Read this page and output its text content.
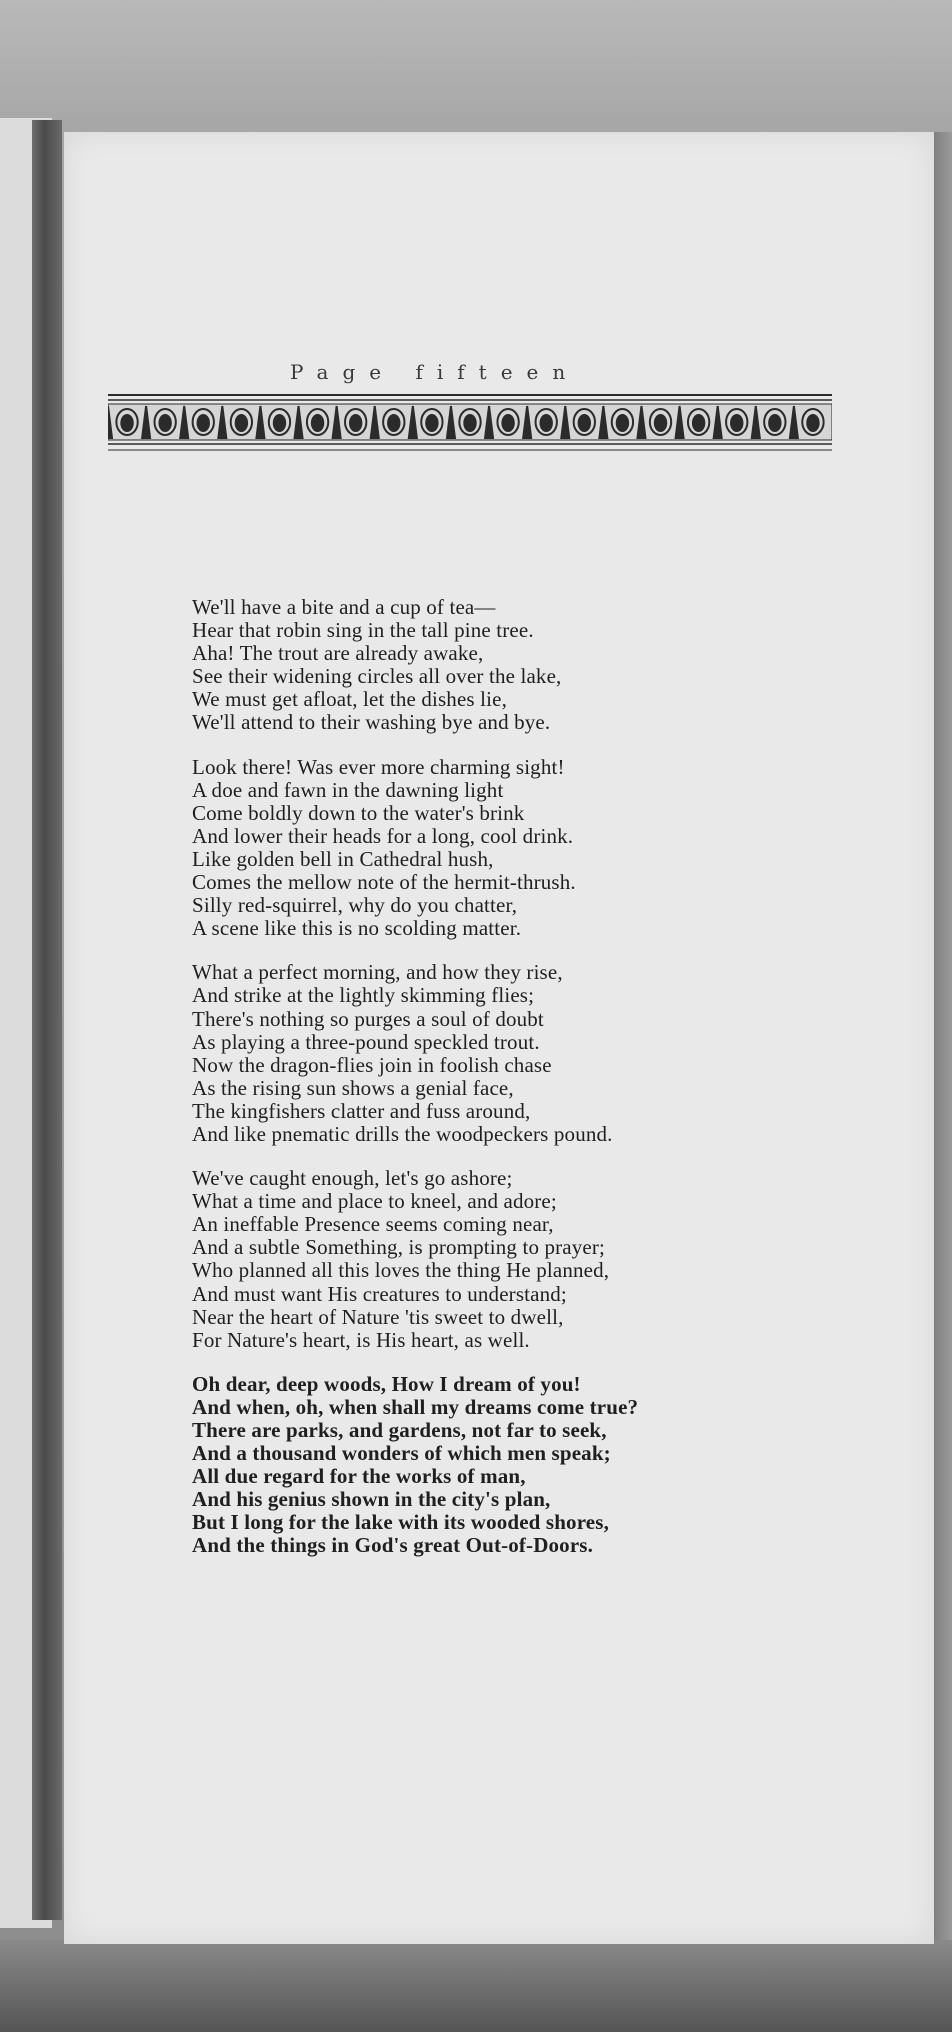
Page fifteen
We'll have a bite and a cup of tea—
Hear that robin sing in the tall pine tree.
Aha! The trout are already awake,
See their widening circles all over the lake,
We must get afloat, let the dishes lie,
We'll attend to their washing bye and bye.
Look there! Was ever more charming sight!
A doe and fawn in the dawning light
Come boldly down to the water's brink
And lower their heads for a long, cool drink.
Like golden bell in Cathedral hush,
Comes the mellow note of the hermit-thrush.
Silly red-squirrel, why do you chatter,
A scene like this is no scolding matter.
What a perfect morning, and how they rise,
And strike at the lightly skimming flies;
There's nothing so purges a soul of doubt
As playing a three-pound speckled trout.
Now the dragon-flies join in foolish chase
As the rising sun shows a genial face,
The kingfishers clatter and fuss around,
And like pnematic drills the woodpeckers pound.
We've caught enough, let's go ashore;
What a time and place to kneel, and adore;
An ineffable Presence seems coming near,
And a subtle Something, is prompting to prayer;
Who planned all this loves the thing He planned,
And must want His creatures to understand;
Near the heart of Nature 'tis sweet to dwell,
For Nature's heart, is His heart, as well.
Oh dear, deep woods, How I dream of you!
And when, oh, when shall my dreams come true?
There are parks, and gardens, not far to seek,
And a thousand wonders of which men speak;
All due regard for the works of man,
And his genius shown in the city's plan,
But I long for the lake with its wooded shores,
And the things in God's great Out-of-Doors.
